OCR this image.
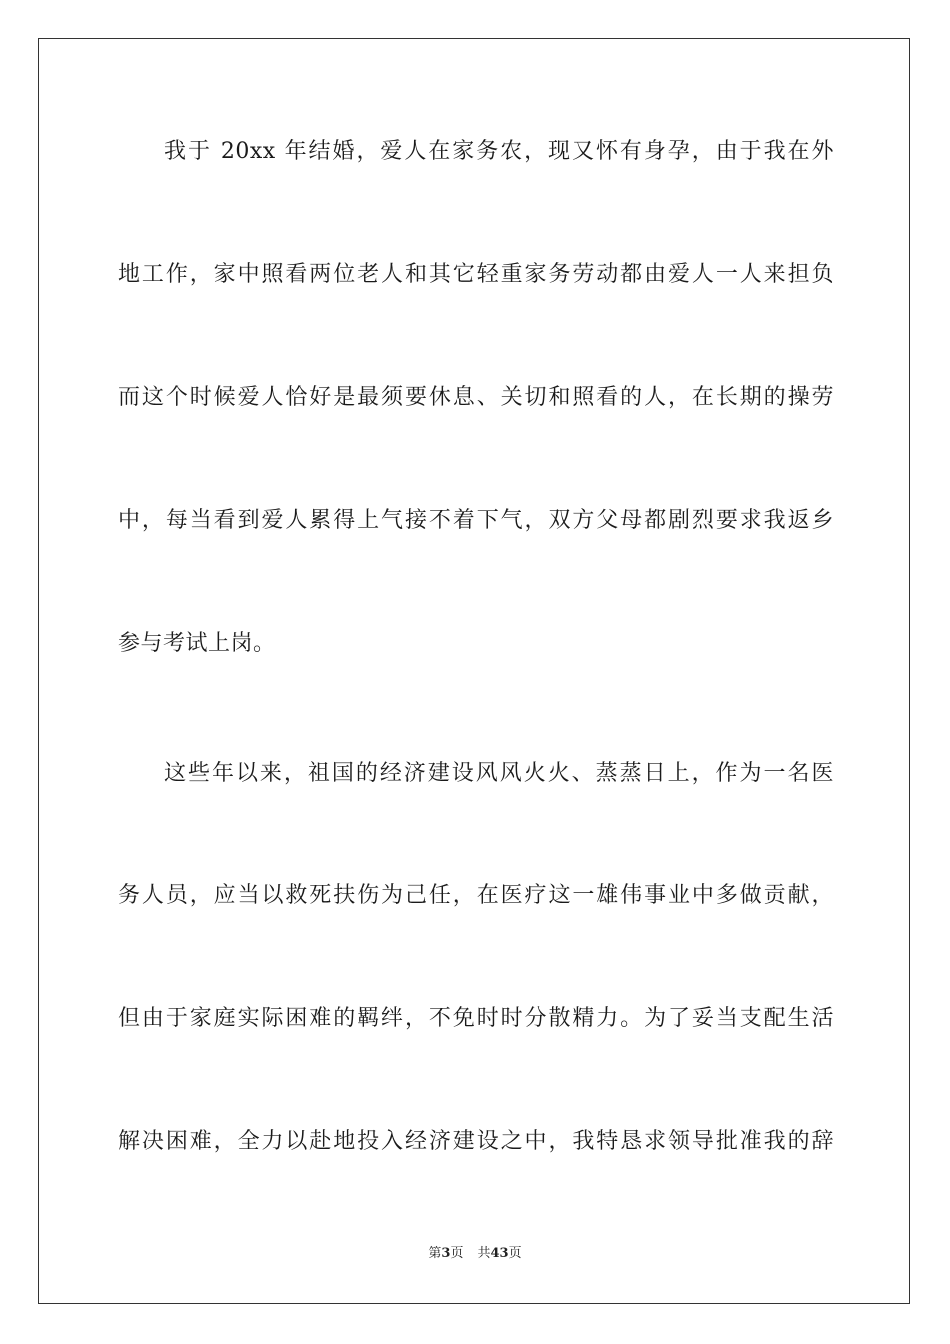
我于 20xx 年结婚，爱人在家务农，现又怀有身孕，由于我在外
地工作，家中照看两位老人和其它轻重家务劳动都由爱人一人来担负
而这个时候爱人恰好是最须要休息、关切和照看的人，在长期的操劳
中，每当看到爱人累得上气接不着下气，双方父母都剧烈要求我返乡
参与考试上岗。
这些年以来，祖国的经济建设风风火火、蒸蒸日上，作为一名医
务人员，应当以救死扶伤为己任，在医疗这一雄伟事业中多做贡献，
但由于家庭实际困难的羁绊，不免时时分散精力。为了妥当支配生活
解决困难，全力以赴地投入经济建设之中，我特恳求领导批准我的辞
第3页 共43页
